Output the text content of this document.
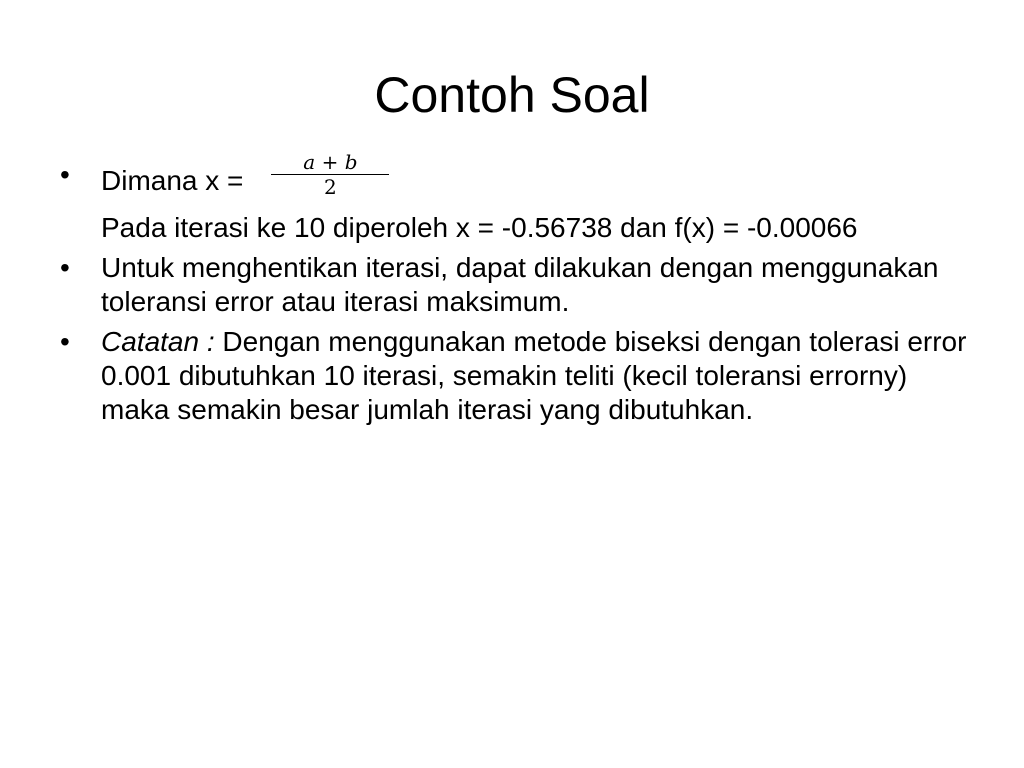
Contoh Soal
•	Dimana $x = \frac{a + b}{2}$
Pada iterasi ke 10 diperoleh x = -0.56738 dan f(x) = -0.00066
•	Untuk menghentikan iterasi, dapat dilakukan dengan menggunakan toleransi error atau iterasi maksimum.
•	Catatan : Dengan menggunakan metode biseksi dengan tolerasi error 0.001 dibutuhkan 10 iterasi, semakin teliti (kecil toleransi errorny) maka semakin besar jumlah iterasi yang dibutuhkan.
